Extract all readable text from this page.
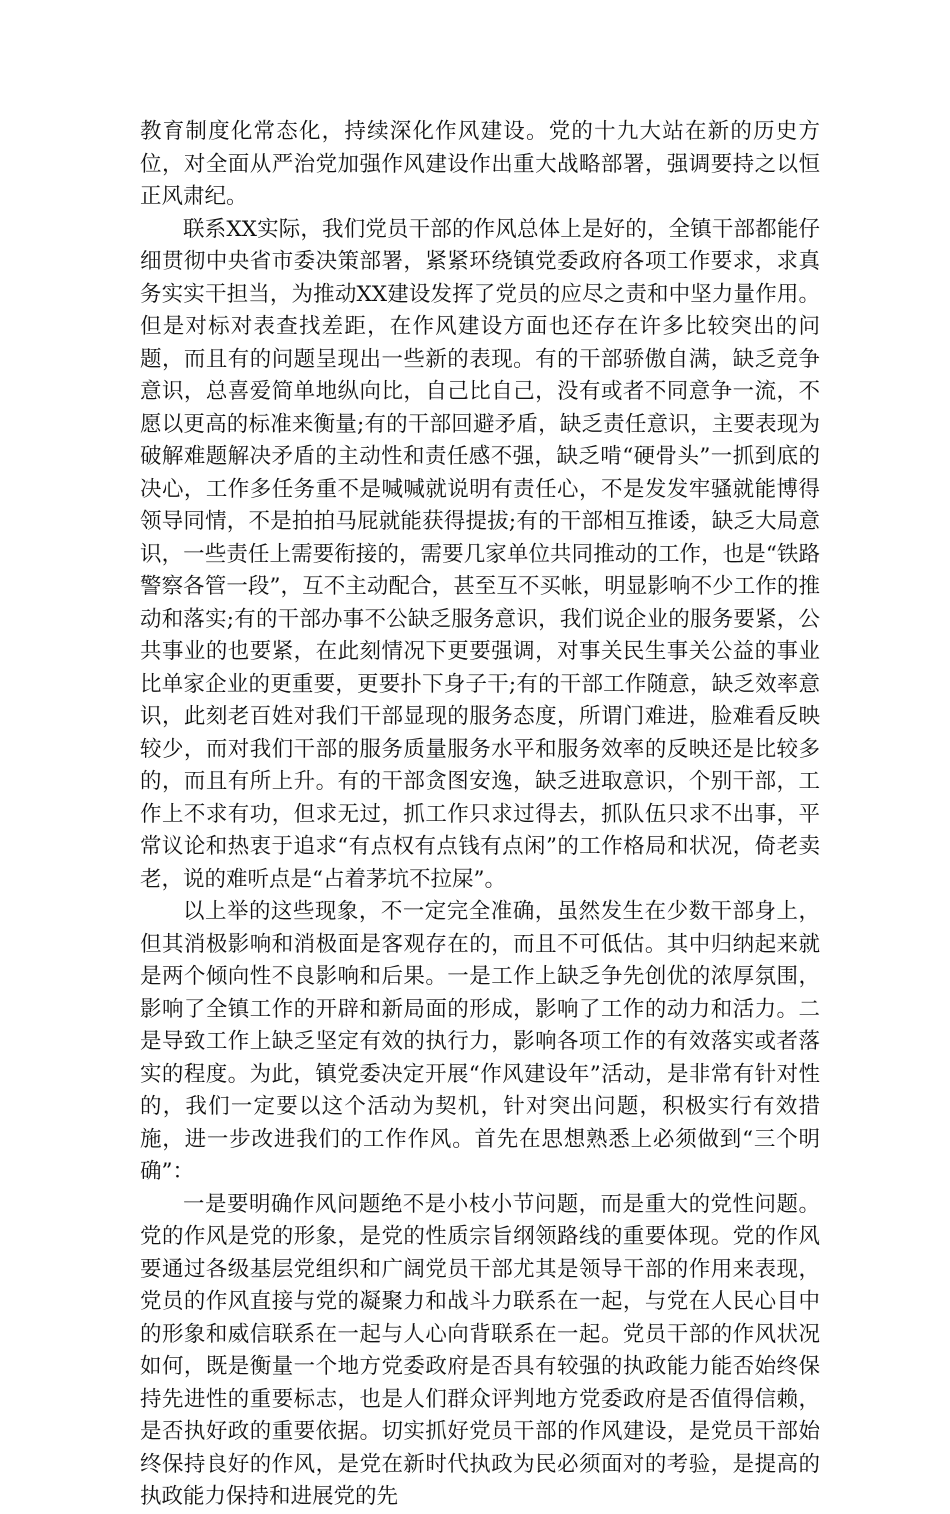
教育制度化常态化，持续深化作风建设。党的十九大站在新的历史方位，对全面从严治党加强作风建设作出重大战略部署，强调要持之以恒正风肃纪。

联系XX实际，我们党员干部的作风总体上是好的，全镇干部都能仔细贯彻中央省市委决策部署，紧紧环绕镇党委政府各项工作要求，求真务实实干担当，为推动XX建设发挥了党员的应尽之责和中坚力量作用。但是对标对表查找差距，在作风建设方面也还存在许多比较突出的问题，而且有的问题呈现出一些新的表现。有的干部骄傲自满，缺乏竞争意识，总喜爱简单地纵向比，自己比自己，没有或者不同意争一流，不愿以更高的标准来衡量;有的干部回避矛盾，缺乏责任意识，主要表现为破解难题解决矛盾的主动性和责任感不强，缺乏啃“硬骨头”一抓到底的决心，工作多任务重不是喊喊就说明有责任心，不是发发牢骚就能博得领导同情，不是拍拍马屁就能获得提拔;有的干部相互推诿，缺乏大局意识，一些责任上需要衔接的，需要几家单位共同推动的工作，也是“铁路警察各管一段”，互不主动配合，甚至互不买帐，明显影响不少工作的推动和落实;有的干部办事不公缺乏服务意识，我们说企业的服务要紧，公共事业的也要紧，在此刻情况下更要强调，对事关民生事关公益的事业比单家企业的更重要，更要扑下身子干;有的干部工作随意，缺乏效率意识，此刻老百姓对我们干部显现的服务态度，所谓门难进，脸难看反映较少，而对我们干部的服务质量服务水平和服务效率的反映还是比较多的，而且有所上升。有的干部贪图安逸，缺乏进取意识，个别干部，工作上不求有功，但求无过，抓工作只求过得去，抓队伍只求不出事，平常议论和热衷于追求“有点权有点钱有点闲”的工作格局和状况，倚老卖老，说的难听点是“占着茅坑不拉屎”。

以上举的这些现象，不一定完全准确，虽然发生在少数干部身上，但其消极影响和消极面是客观存在的，而且不可低估。其中归纳起来就是两个倾向性不良影响和后果。一是工作上缺乏争先创优的浓厚氛围，影响了全镇工作的开辟和新局面的形成，影响了工作的动力和活力。二是导致工作上缺乏坚定有效的执行力，影响各项工作的有效落实或者落实的程度。为此，镇党委决定开展“作风建设年”活动，是非常有针对性的，我们一定要以这个活动为契机，针对突出问题，积极实行有效措施，进一步改进我们的工作作风。首先在思想熟悉上必须做到“三个明确”：

一是要明确作风问题绝不是小枝小节问题，而是重大的党性问题。党的作风是党的形象，是党的性质宗旨纲领路线的重要体现。党的作风要通过各级基层党组织和广阔党员干部尤其是领导干部的作用来表现，党员的作风直接与党的凝聚力和战斗力联系在一起，与党在人民心目中的形象和威信联系在一起与人心向背联系在一起。党员干部的作风状况如何，既是衡量一个地方党委政府是否具有较强的执政能力能否始终保持先进性的重要标志，也是人们群众评判地方党委政府是否值得信赖，是否执好政的重要依据。切实抓好党员干部的作风建设，是党员干部始终保持良好的作风，是党在新时代执政为民必须面对的考验，是提高的执政能力保持和进展党的先
